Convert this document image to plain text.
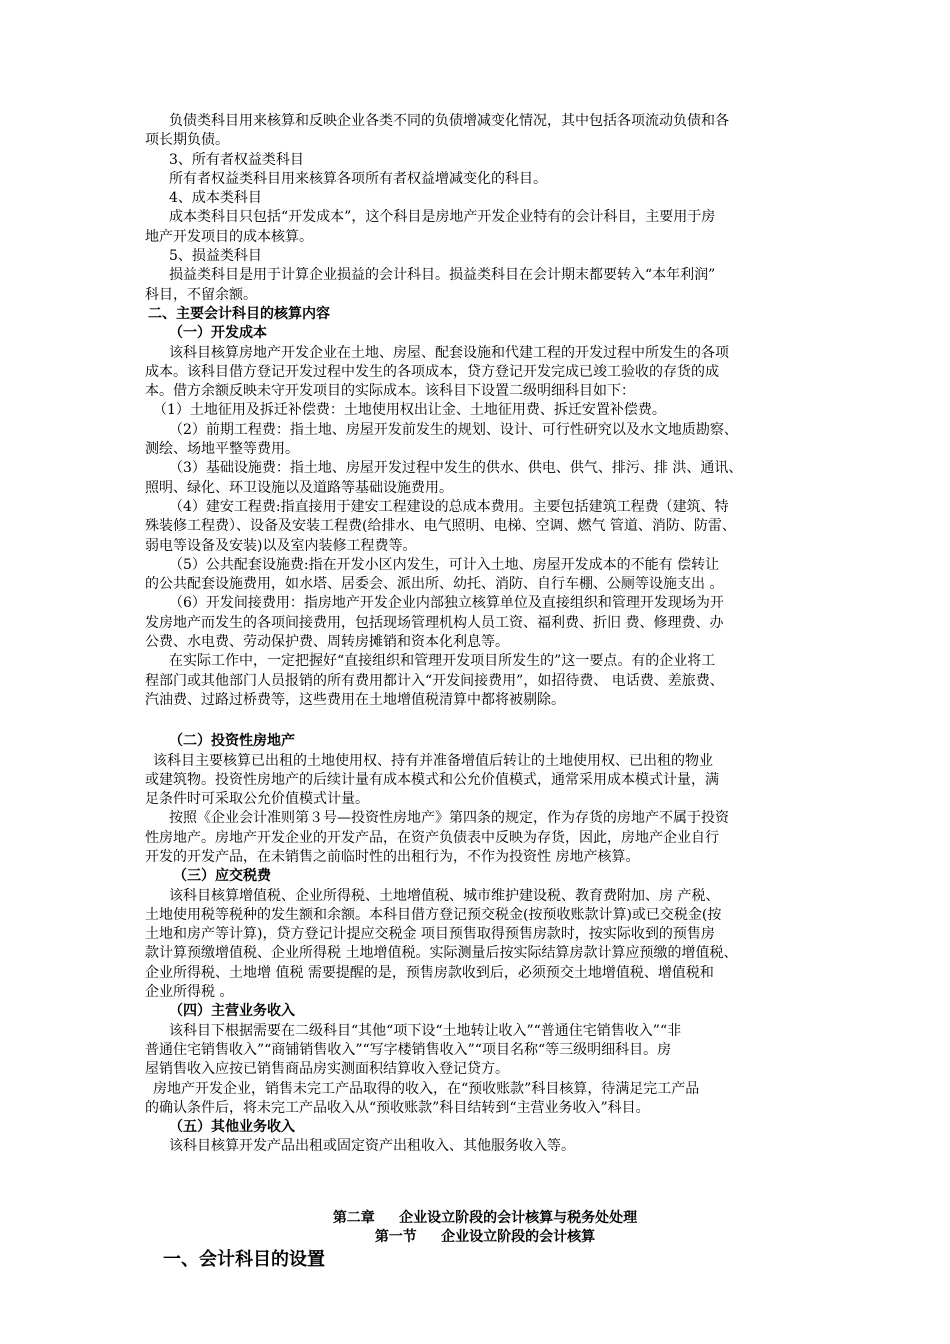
负债类科目用来核算和反映企业各类不同的负债增减变化情况，其中包括各项流动负债和各
项长期负债。
3、所有者权益类科目
所有者权益类科目用来核算各项所有者权益增减变化的科目。
4、成本类科目
成本类科目只包括“开发成本”，这个科目是房地产开发企业特有的会计科目，主要用于房
地产开发项目的成本核算。
5、损益类科目
损益类科目是用于计算企业损益的会计科目。损益类科目在会计期末都要转入“本年利润”
科目，不留余额。
二、主要会计科目的核算内容
（一）开发成本
该科目核算房地产开发企业在土地、房屋、配套设施和代建工程的开发过程中所发生的各项
成本。该科目借方登记开发过程中发生的各项成本，贷方登记开发完成已竣工验收的存货的成
本。借方余额反映未守开发项目的实际成本。该科目下设置二级明细科目如下：
（1）土地征用及拆迁补偿费：土地使用权出让金、土地征用费、拆迁安置补偿费。
（2）前期工程费：指土地、房屋开发前发生的规划、设计、可行性研究以及水文地质勘察、
测绘、场地平整等费用。
（3）基础设施费：指土地、房屋开发过程中发生的供水、供电、供气、排污、排 洪、通讯、
照明、绿化、环卫设施以及道路等基础设施费用。
（4）建安工程费:指直接用于建安工程建设的总成本费用。主要包括建筑工程费（建筑、特
殊装修工程费）、设备及安装工程费(给排水、电气照明、电梯、空调、燃气 管道、消防、防雷、
弱电等设备及安装)以及室内装修工程费等。
（5）公共配套设施费:指在开发小区内发生，可计入土地、房屋开发成本的不能有 偿转让
的公共配套设施费用，如水塔、居委会、派出所、幼托、消防、自行车棚、公厕等设施支出 。
（6）开发间接费用：指房地产开发企业内部独立核算单位及直接组织和管理开发现场为开
发房地产而发生的各项间接费用，包括现场管理机构人员工资、福利费、折旧 费、修理费、办
公费、水电费、劳动保护费、周转房摊销和资本化利息等。
在实际工作中，一定把握好“直接组织和管理开发项目所发生的”这一要点。有的企业将工
程部门或其他部门人员报销的所有费用都计入“开发间接费用”，如招待费、 电话费、差旅费、
汽油费、过路过桥费等，这些费用在土地增值税清算中都将被剔除。
（二）投资性房地产
该科目主要核算已出租的土地使用权、持有并准备增值后转让的土地使用权、已出租的物业
或建筑物。投资性房地产的后续计量有成本模式和公允价值模式，通常采用成本模式计量，满
足条件时可采取公允价值模式计量。
按照《企业会计准则第３号—投资性房地产》第四条的规定，作为存货的房地产不属于投资
性房地产。房地产开发企业的开发产品，在资产负债表中反映为存货，因此，房地产企业自行
开发的开发产品，在未销售之前临时性的出租行为，不作为投资性 房地产核算。
（三）应交税费
该科目核算增值税、企业所得税、土地增值税、城市维护建设税、教育费附加、房 产税、
土地使用税等税种的发生额和余额。本科目借方登记预交税金(按预收账款计算)或已交税金(按
土地和房产等计算)，贷方登记计提应交税金 项目预售取得预售房款时，按实际收到的预售房
款计算预缴增值税、企业所得税 土地增值税。实际测量后按实际结算房款计算应预缴的增值税、
企业所得税、土地增 值税 需要提醒的是，预售房款收到后，必须预交土地增值税、增值税和
企业所得税 。
（四）主营业务收入
该科目下根据需要在二级科目“其他“项下设“土地转让收入”“普通住宅销售收入”“非
普通住宅销售收入”“商铺销售收入”“写字楼销售收入”“项目名称“等三级明细科目。房
屋销售收入应按已销售商品房实测面积结算收入登记贷方。
房地产开发企业，销售未完工产品取得的收入，在“预收账款”科目核算，待满足完工产品
的确认条件后，将未完工产品收入从“预收账款”科目结转到“主营业务收入”科目。
（五）其他业务收入
该科目核算开发产品出租或固定资产出租收入、其他服务收入等。
第二章     企业设立阶段的会计核算与税务处处理
第一节     企业设立阶段的会计核算
一、会计科目的设置
